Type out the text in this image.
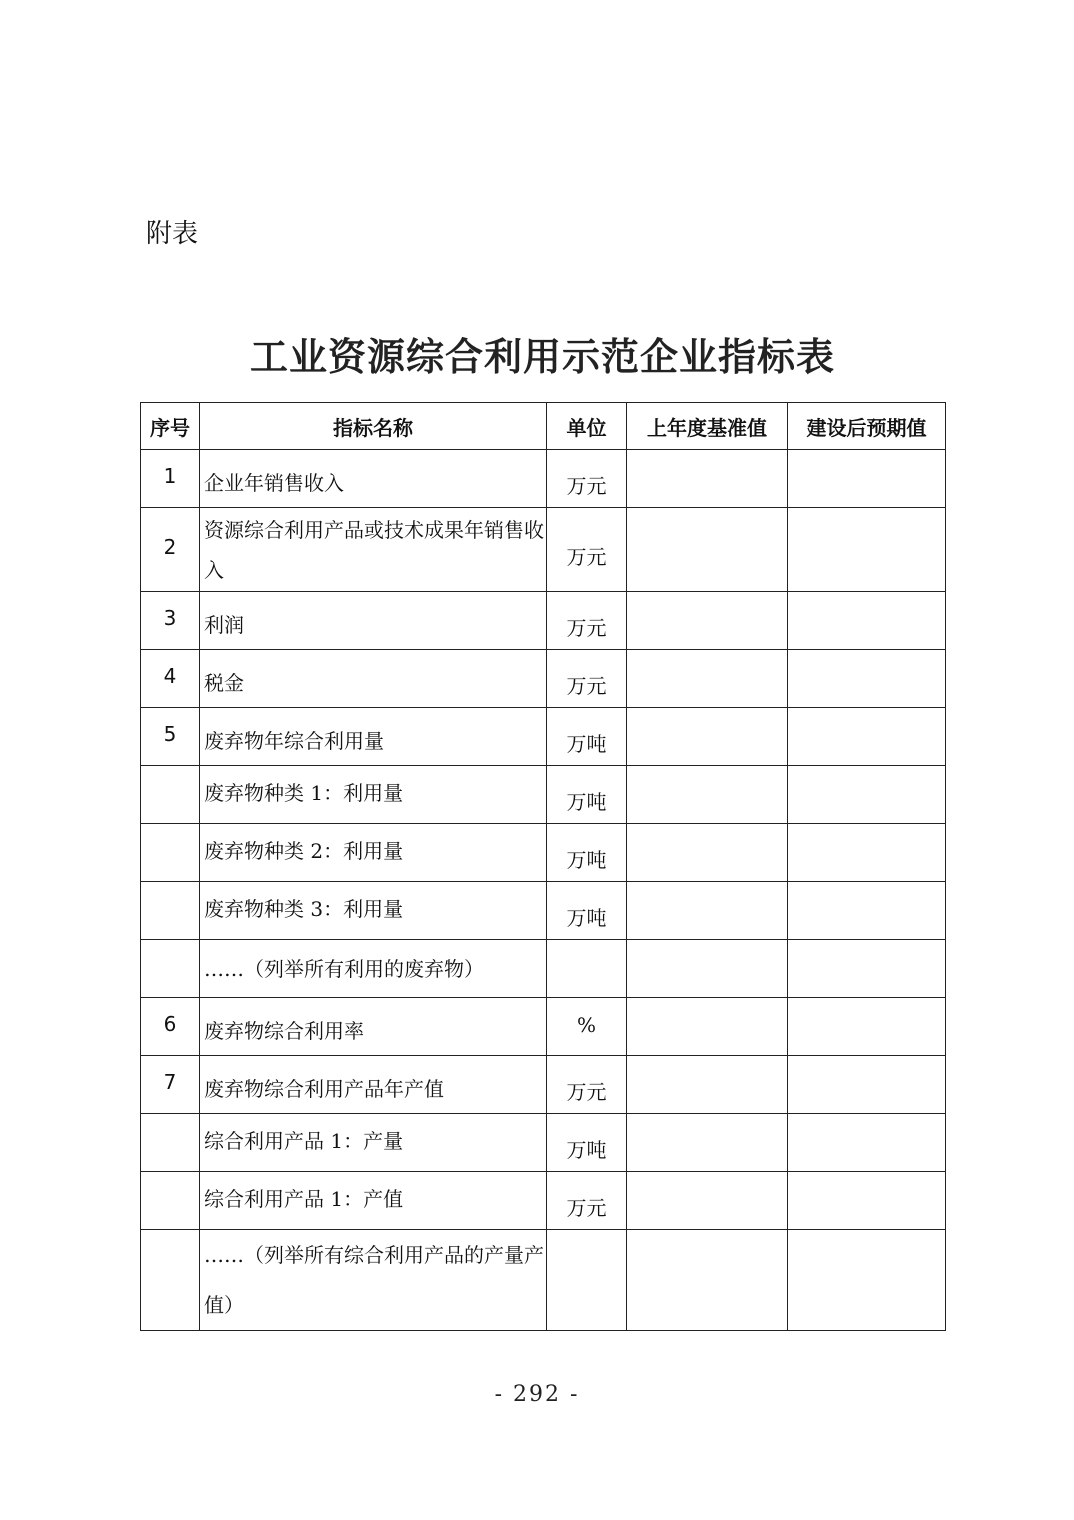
附表
工业资源综合利用示范企业指标表
序号	指标名称	单位	上年度基准值	建设后预期值
1	企业年销售收入	万元		
2	资源综合利用产品或技术成果年销售收入	万元		
3	利润	万元		
4	税金	万元		
5	废弃物年综合利用量	万吨		
	废弃物种类 1：利用量	万吨		
	废弃物种类 2：利用量	万吨		
	废弃物种类 3：利用量	万吨		
	……（列举所有利用的废弃物）			
6	废弃物综合利用率	%		
7	废弃物综合利用产品年产值	万元		
	综合利用产品 1：产量	万吨		
	综合利用产品 1：产值	万元		
	……（列举所有综合利用产品的产量产值）			
- 292 -
